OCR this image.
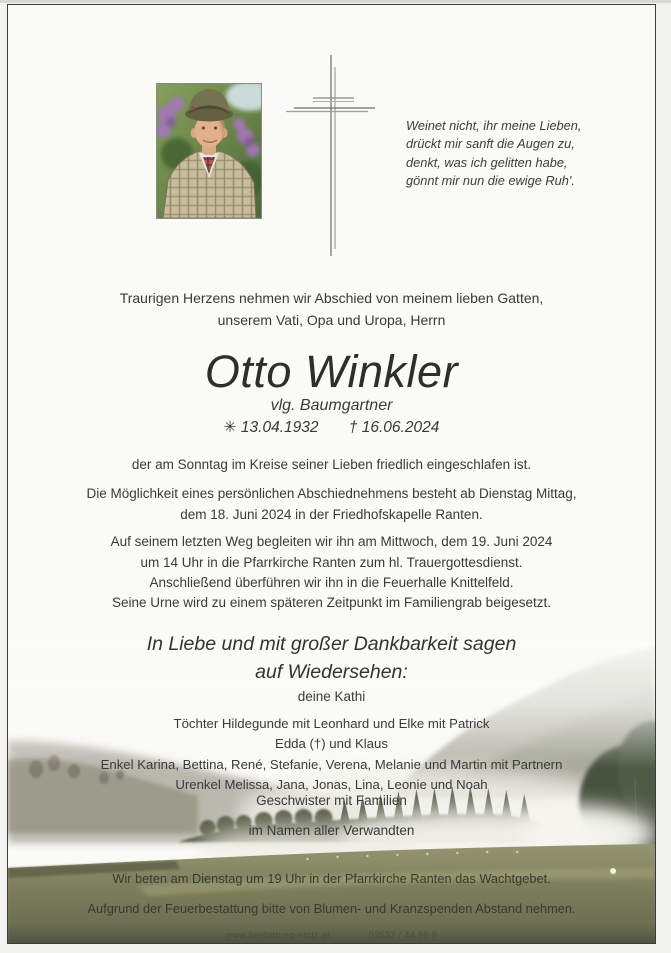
Weinet nicht, ihr meine Lieben,
drückt mir sanft die Augen zu,
denkt, was ich gelitten habe,
gönnt mir nun die ewige Ruh'.
Traurigen Herzens nehmen wir Abschied von meinem lieben Gatten,
unserem Vati, Opa und Uropa, Herrn
Otto Winkler
vlg. Baumgartner
✳ 13.04.1932 † 16.06.2024
der am Sonntag im Kreise seiner Lieben friedlich eingeschlafen ist.
Die Möglichkeit eines persönlichen Abschiednehmens besteht ab Dienstag Mittag,
dem 18. Juni 2024 in der Friedhofskapelle Ranten.
Auf seinem letzten Weg begleiten wir ihn am Mittwoch, dem 19. Juni 2024
um 14 Uhr in die Pfarrkirche Ranten zum hl. Trauergottesdienst.
Anschließend überführen wir ihn in die Feuerhalle Knittelfeld.
Seine Urne wird zu einem späteren Zeitpunkt im Familiengrab beigesetzt.
In Liebe und mit großer Dankbarkeit sagen
auf Wiedersehen:
deine Kathi
Töchter Hildegunde mit Leonhard und Elke mit Patrick
Edda (†) und Klaus
Enkel Karina, Bettina, René, Stefanie, Verena, Melanie und Martin mit Partnern
Urenkel Melissa, Jana, Jonas, Lina, Leonie und Noah
Geschwister mit Familien
im Namen aller Verwandten
Wir beten am Dienstag um 19 Uhr in der Pfarrkirche Ranten das Wachtgebet.
Aufgrund der Feuerbestattung bitte von Blumen- und Kranzspenden Abstand nehmen.
www.bestattung-stolz.at	03532 / 44 99 0
